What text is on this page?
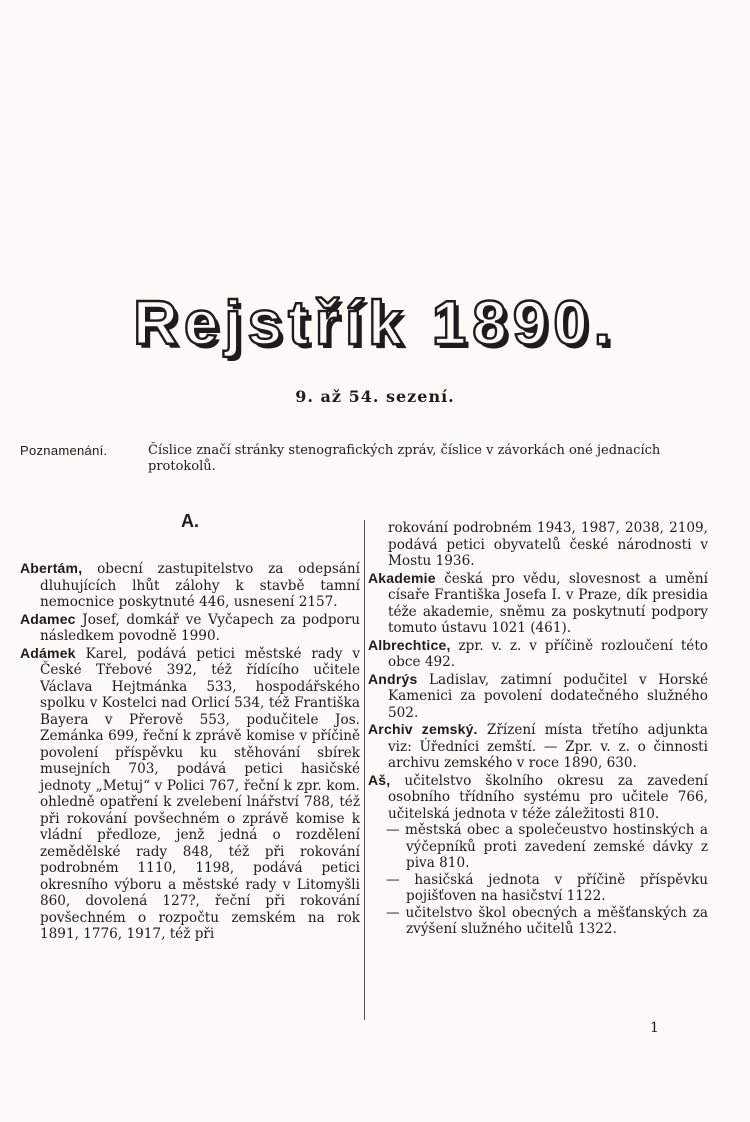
Rejstřík 1890.
9. až 54. sezení.
Poznamenání.	Číslice značí stránky stenografických zpráv, číslice v závorkách oné jednacích protokolů.
A.

Abertám, obecní zastupitelstvo za odepsání dluhujících lhůt zálohy k stavbě tamní nemocnice poskytnuté 446, usnesení 2157.

Adamec Josef, domkář ve Vyčapech za podporu následkem povodně 1990.

Adámek Karel, podává petici městské rady v České Třebové 392, též řídícího učitele Václava Hejtmánka 533, hospodářského spolku v Kostelci nad Orlicí 534, též Františka Bayera v Přerově 553, podučitele Jos. Zemánka 699, řeční k zprávě komise v příčině povolení příspěvku ku stěhování sbírek musejních 703, podává petici hasičské jednoty „Metuj“ v Polici 767, řeční k zpr. kom. ohledně opatření k zvelebení lnářství 788, též při rokování povšechném o zprávě komise k vládní předloze, jenž jedná o rozdělení zemědělské rady 848, též při rokování podrobném 1110, 1198, podává petici okresního výboru a městské rady v Litomyšli 860, dovolená 127?, řeční při rokování povšechném o rozpočtu zemském na rok 1891, 1776, 1917, též při

rokování podrobném 1943, 1987, 2038, 2109, podává petici obyvatelů české národnosti v Mostu 1936.

Akademie česká pro vědu, slovesnost a umění císaře Františka Josefa I. v Praze, dík presidia téže akademie, sněmu za poskytnutí podpory tomuto ústavu 1021 (461).

Albrechtice, zpr. v. z. v příčině rozloučení této obce 492.

Andrýs Ladislav, zatimní podučitel v Horské Kamenici za povolení dodatečného služného 502.

Archiv zemský. Zřízení místa třetího adjunkta viz: Úředníci zemští. — Zpr. v. z. o činnosti archivu zemského v roce 1890, 630.

Aš, učitelstvo školního okresu za zavedení osobního třídního systému pro učitele 766, učitelská jednota v téže záležitosti 810.

— městská obec a společeustvo hostinských a výčepníků proti zavedení zemské dávky z piva 810.

— hasičská jednota v příčině příspěvku pojišťoven na hasičství 1122.

— učitelstvo škol obecných a měšťanských za zvýšení služného učitelů 1322.

1
